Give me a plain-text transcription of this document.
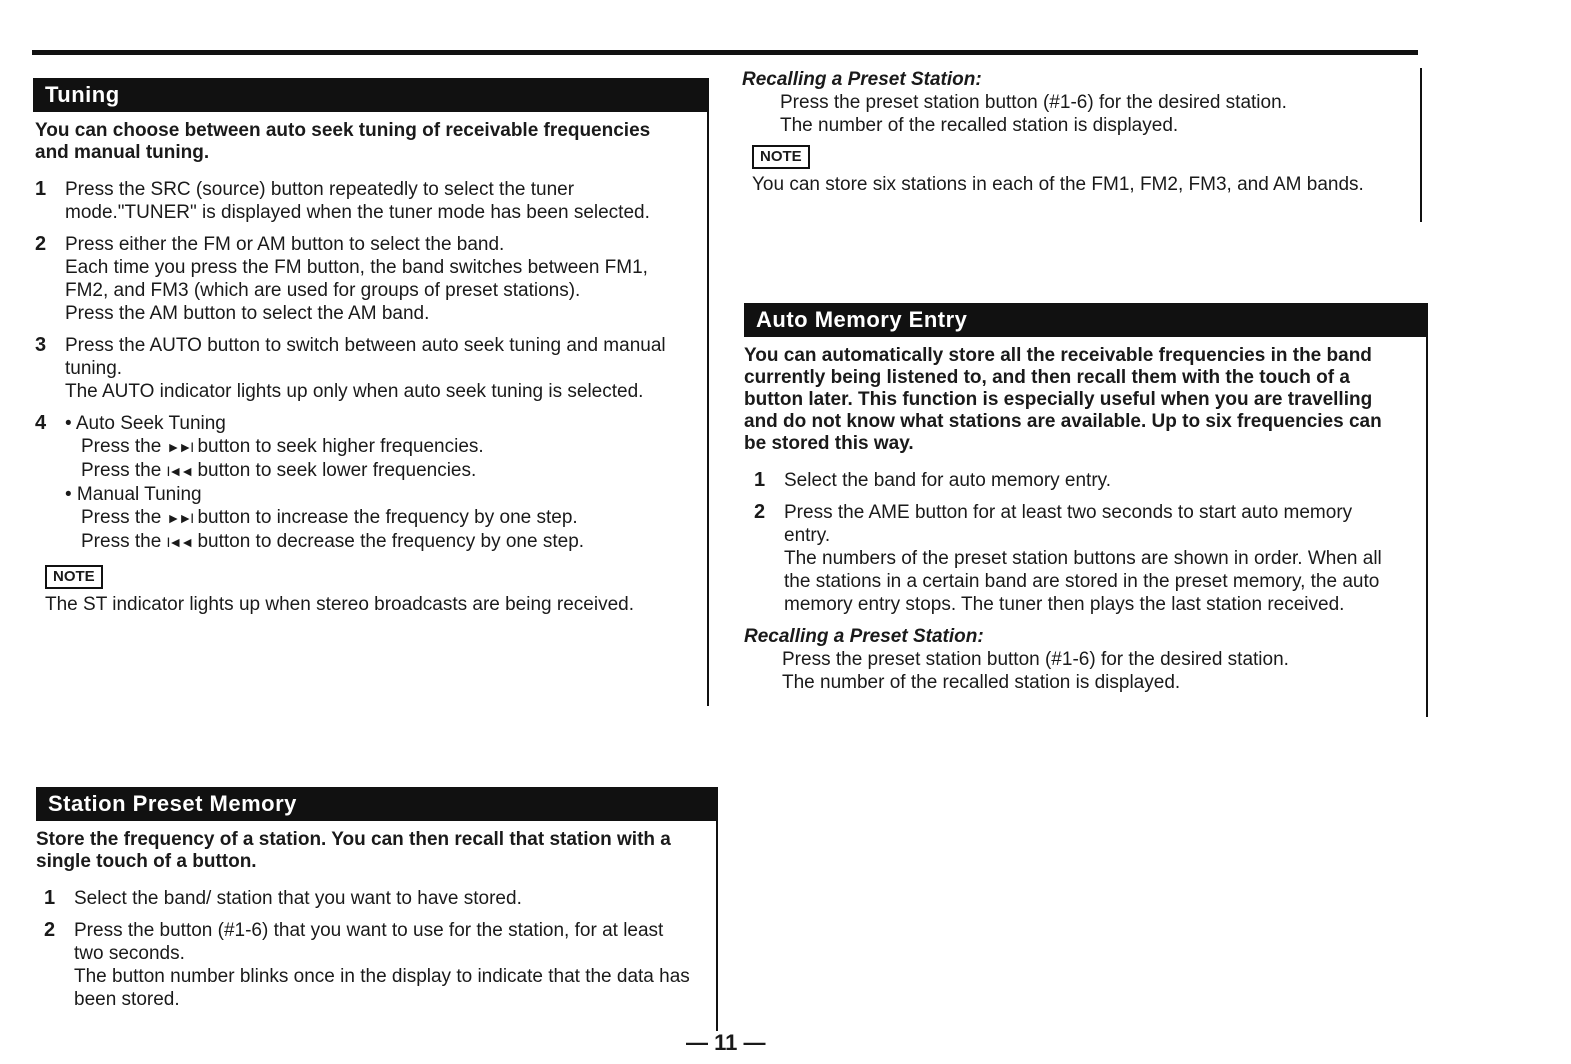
Tuning

You can choose between auto seek tuning of receivable frequencies and manual tuning.

1 Press the SRC (source) button repeatedly to select the tuner mode."TUNER" is displayed when the tuner mode has been selected.

2 Press either the FM or AM button to select the band.

Each time you press the FM button, the band switches between FM1, FM2, and FM3 (which are used for groups of preset stations).

Press the AM button to select the AM band.

3 Press the AUTO button to switch between auto seek tuning and manual tuning.

The AUTO indicator lights up only when auto seek tuning is selected.

4 • Auto Seek Tuning

Press the ►►I button to seek higher frequencies.

Press the I◄◄ button to seek lower frequencies.

• Manual Tuning

Press the ►►I button to increase the frequency by one step.

Press the I◄◄ button to decrease the frequency by one step.

NOTE

The ST indicator lights up when stereo broadcasts are being received.

Station Preset Memory

Store the frequency of a station. You can then recall that station with a single touch of a button.

1 Select the band/ station that you want to have stored.

2 Press the button (#1-6) that you want to use for the station, for at least two seconds.

The button number blinks once in the display to indicate that the data has been stored.

Recalling a Preset Station:

Press the preset station button (#1-6) for the desired station.

The number of the recalled station is displayed.

NOTE

You can store six stations in each of the FM1, FM2, FM3, and AM bands.

Auto Memory Entry

You can automatically store all the receivable frequencies in the band currently being listened to, and then recall them with the touch of a button later. This function is especially useful when you are travelling and do not know what stations are available. Up to six frequencies can be stored this way.

1 Select the band for auto memory entry.

2 Press the AME button for at least two seconds to start auto memory entry.

The numbers of the preset station buttons are shown in order. When all the stations in a certain band are stored in the preset memory, the auto memory entry stops. The tuner then plays the last station received.

Recalling a Preset Station:

Press the preset station button (#1-6) for the desired station.

The number of the recalled station is displayed.

— 11 —
